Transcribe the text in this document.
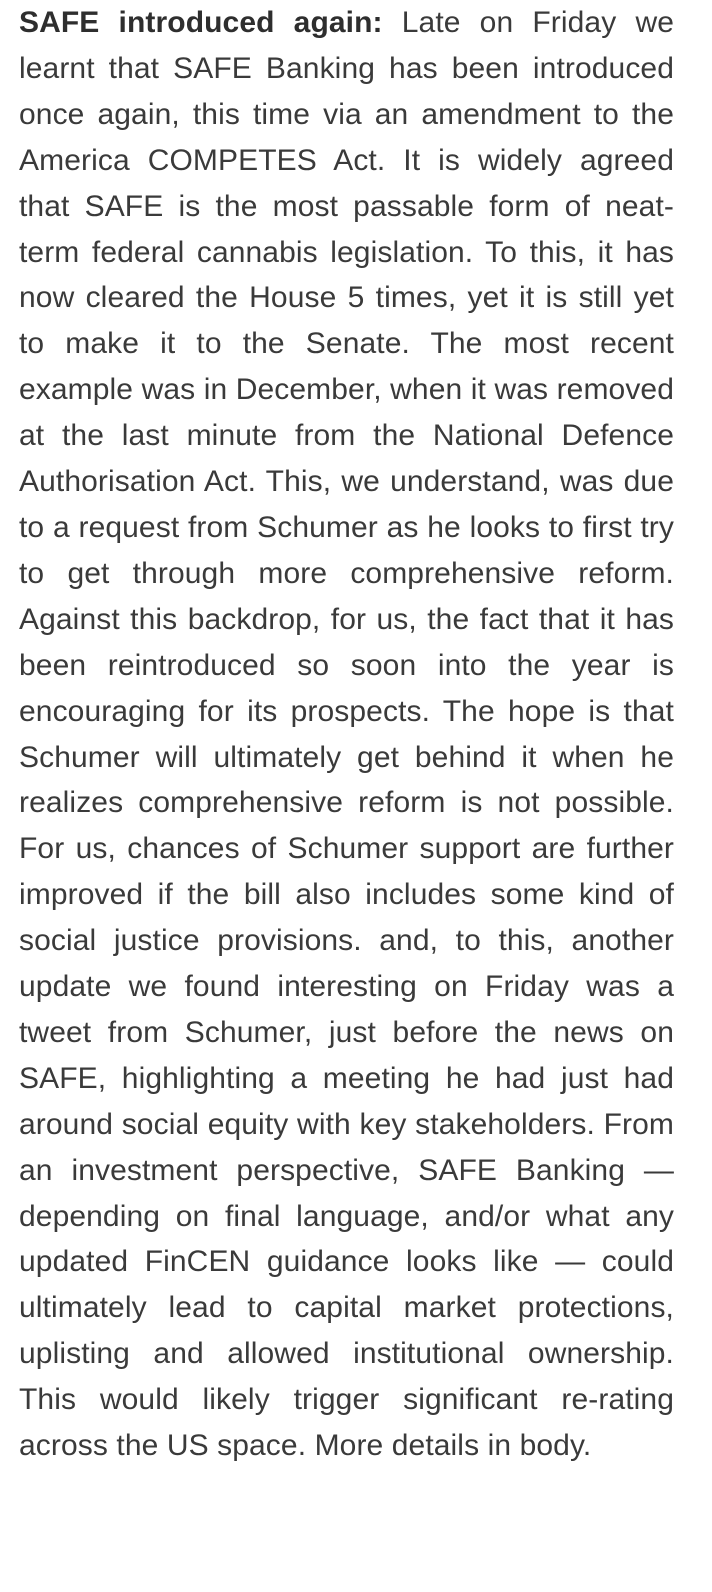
SAFE introduced again: Late on Friday we learnt that SAFE Banking has been introduced once again, this time via an amendment to the America COMPETES Act. It is widely agreed that SAFE is the most passable form of neat-term federal cannabis legislation. To this, it has now cleared the House 5 times, yet it is still yet to make it to the Senate. The most recent example was in December, when it was removed at the last minute from the National Defence Authorisation Act. This, we understand, was due to a request from Schumer as he looks to first try to get through more comprehensive reform. Against this backdrop, for us, the fact that it has been reintroduced so soon into the year is encouraging for its prospects. The hope is that Schumer will ultimately get behind it when he realizes comprehensive reform is not possible. For us, chances of Schumer support are further improved if the bill also includes some kind of social justice provisions. and, to this, another update we found interesting on Friday was a tweet from Schumer, just before the news on SAFE, highlighting a meeting he had just had around social equity with key stakeholders. From an investment perspective, SAFE Banking — depending on final language, and/or what any updated FinCEN guidance looks like — could ultimately lead to capital market protections, uplisting and allowed institutional ownership. This would likely trigger significant re-rating across the US space. More details in body.
